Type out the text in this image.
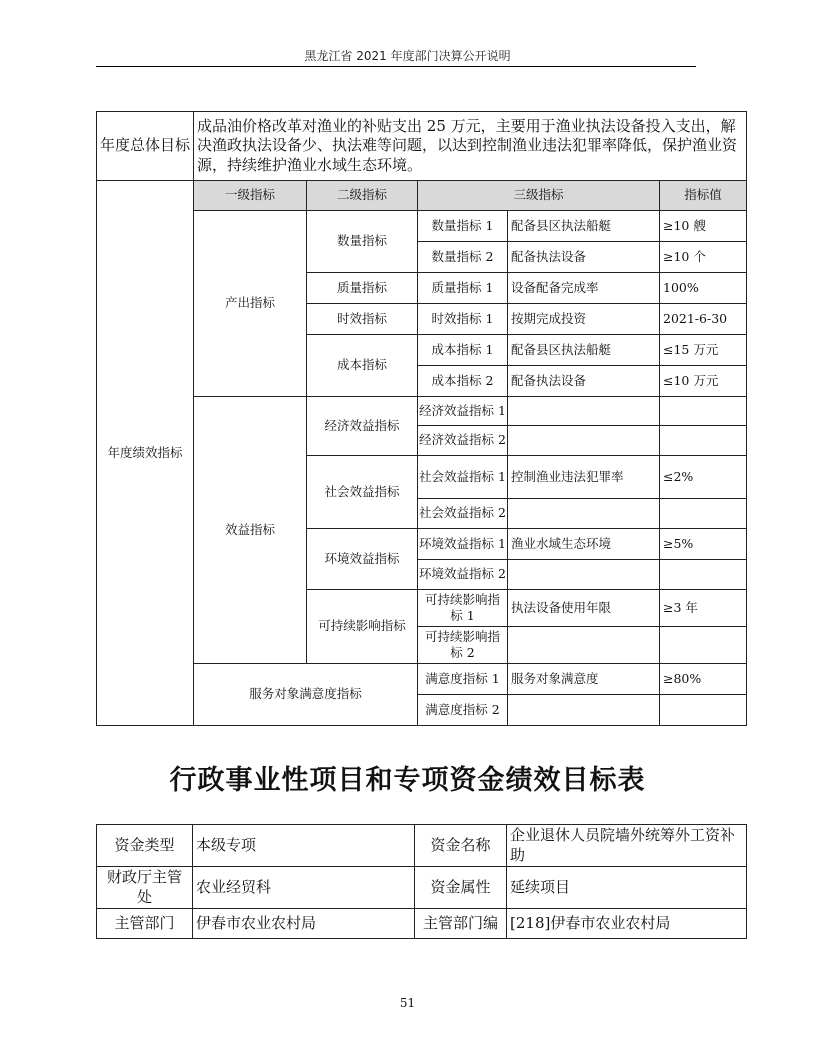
黑龙江省 2021 年度部门决算公开说明
年度总体目标	成品油价格改革对渔业的补贴支出 25 万元，主要用于渔业执法设备投入支出，解决渔政执法设备少、执法难等问题，以达到控制渔业违法犯罪率降低，保护渔业资源，持续维护渔业水域生态环境。				
年度绩效指标	一级指标	二级指标	三级指标		指标值
	产出指标	数量指标	数量指标 1	配备县区执法船艇	≥10 艘
			数量指标 2	配备执法设备	≥10 个
		质量指标	质量指标 1	设备配备完成率	100%
		时效指标	时效指标 1	按期完成投资	2021-6-30
		成本指标	成本指标 1	配备县区执法船艇	≤15 万元
			成本指标 2	配备执法设备	≤10 万元
	效益指标	经济效益指标	经济效益指标 1		
			经济效益指标 2		
		社会效益指标	社会效益指标 1	控制渔业违法犯罪率	≤2%
			社会效益指标 2		
		环境效益指标	环境效益指标 1	渔业水域生态环境	≥5%
			环境效益指标 2		
		可持续影响指标	可持续影响指标 1	执法设备使用年限	≥3 年
			可持续影响指标 2		
	服务对象满意度指标		满意度指标 1	服务对象满意度	≥80%
			满意度指标 2		
行政事业性项目和专项资金绩效目标表
资金类型	本级专项	资金名称	企业退休人员院墙外统筹外工资补助
财政厅主管处	农业经贸科	资金属性	延续项目
主管部门	伊春市农业农村局	主管部门编	[218]伊春市农业农村局
51
